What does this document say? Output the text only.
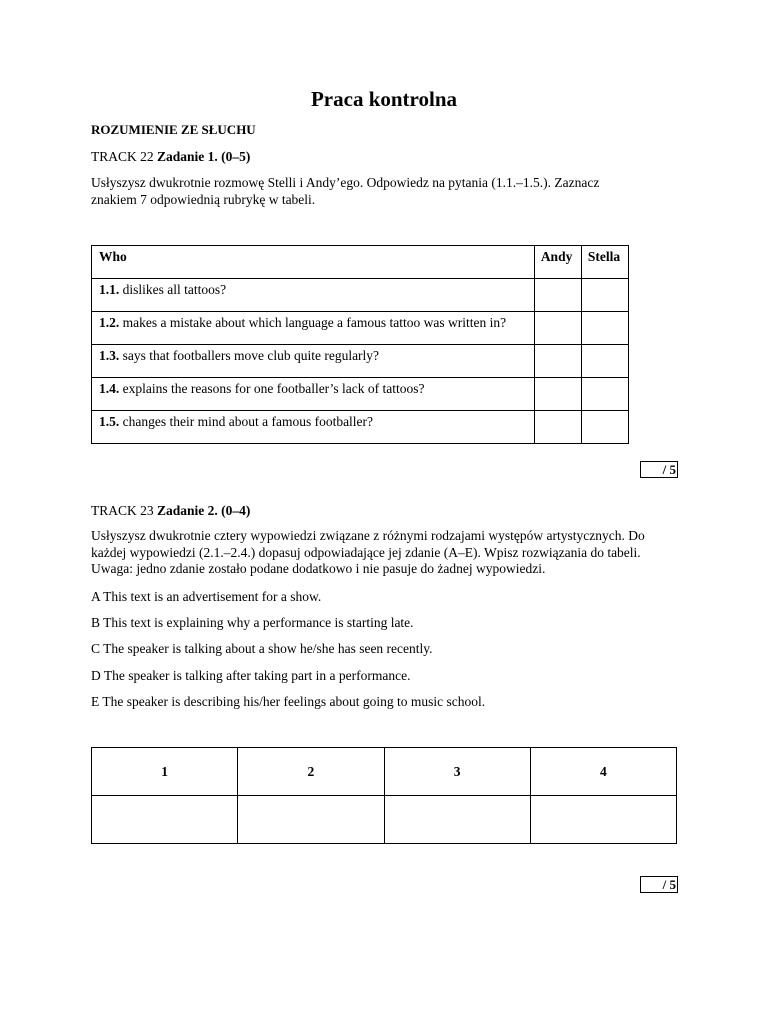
Praca kontrolna
ROZUMIENIE ZE SŁUCHU
TRACK 22 Zadanie 1. (0–5)
Usłyszysz dwukrotnie rozmowę Stelli i Andy’ego. Odpowiedz na pytania (1.1.–1.5.). Zaznacz
znakiem 7 odpowiednią rubrykę w tabeli.
Who	Andy	Stella
1.1. dislikes all tattoos?		
1.2. makes a mistake about which language a famous tattoo was written in?		
1.3. says that footballers move club quite regularly?		
1.4. explains the reasons for one footballer’s lack of tattoos?		
1.5. changes their mind about a famous footballer?		
/ 5
TRACK 23 Zadanie 2. (0–4)
Usłyszysz dwukrotnie cztery wypowiedzi związane z różnymi rodzajami występów artystycznych. Do
każdej wypowiedzi (2.1.–2.4.) dopasuj odpowiadające jej zdanie (A–E). Wpisz rozwiązania do tabeli.
Uwaga: jedno zdanie zostało podane dodatkowo i nie pasuje do żadnej wypowiedzi.
A This text is an advertisement for a show.
B This text is explaining why a performance is starting late.
C The speaker is talking about a show he/she has seen recently.
D The speaker is talking after taking part in a performance.
E The speaker is describing his/her feelings about going to music school.
1	2	3	4

/ 5
